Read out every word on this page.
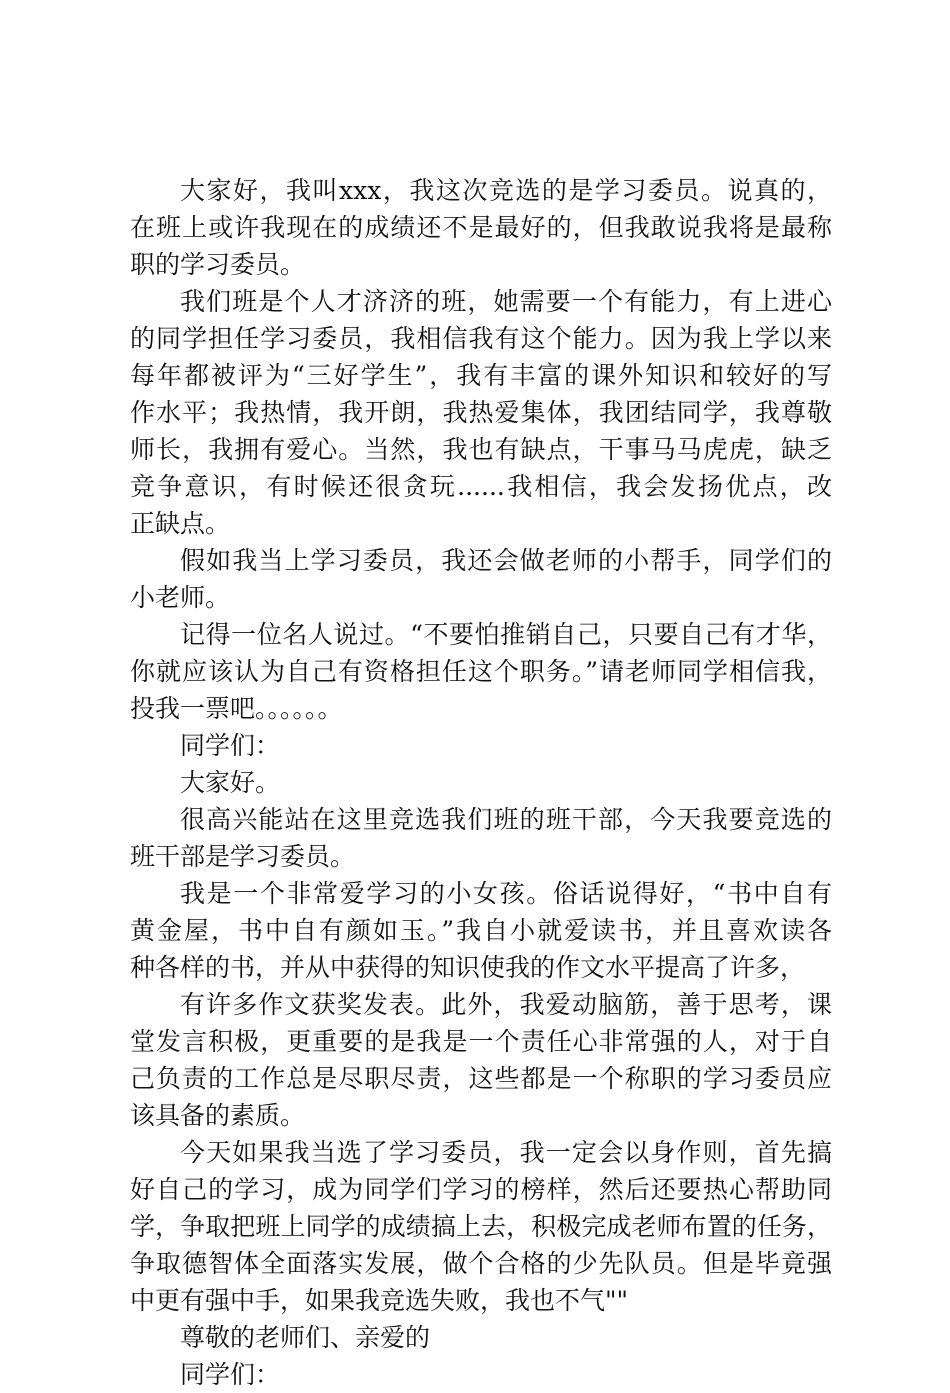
大家好，我叫xxx，我这次竞选的是学习委员。说真的，
在班上或许我现在的成绩还不是最好的，但我敢说我将是最称
职的学习委员。
我们班是个人才济济的班，她需要一个有能力，有上进心
的同学担任学习委员，我相信我有这个能力。因为我上学以来
每年都被评为“三好学生”，我有丰富的课外知识和较好的写
作水平；我热情，我开朗，我热爱集体，我团结同学，我尊敬
师长，我拥有爱心。当然，我也有缺点，干事马马虎虎，缺乏
竞争意识，有时候还很贪玩......我相信，我会发扬优点，改
正缺点。
假如我当上学习委员，我还会做老师的小帮手，同学们的
小老师。
记得一位名人说过。“不要怕推销自己，只要自己有才华，
你就应该认为自己有资格担任这个职务。”请老师同学相信我，
投我一票吧。。。。。。
同学们：
大家好。
很高兴能站在这里竞选我们班的班干部，今天我要竞选的
班干部是学习委员。
我是一个非常爱学习的小女孩。俗话说得好，“书中自有
黄金屋，书中自有颜如玉。”我自小就爱读书，并且喜欢读各
种各样的书，并从中获得的知识使我的作文水平提高了许多，
有许多作文获奖发表。此外，我爱动脑筋，善于思考，课
堂发言积极，更重要的是我是一个责任心非常强的人，对于自
己负责的工作总是尽职尽责，这些都是一个称职的学习委员应
该具备的素质。
今天如果我当选了学习委员，我一定会以身作则，首先搞
好自己的学习，成为同学们学习的榜样，然后还要热心帮助同
学，争取把班上同学的成绩搞上去，积极完成老师布置的任务，
争取德智体全面落实发展，做个合格的少先队员。但是毕竟强
中更有强中手，如果我竞选失败，我也不气""
尊敬的老师们、亲爱的
同学们：
